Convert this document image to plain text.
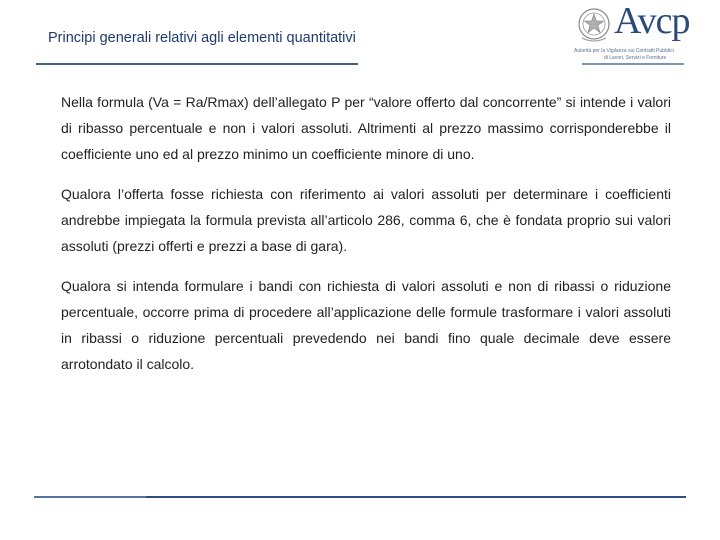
Principi generali relativi agli elementi quantitativi	Avcp
Autorità per la Vigilanza sui Contratti Pubblici
di Lavori, Servizi e Forniture

Nella formula (Va = Ra/Rmax) dell’allegato P per “valore offerto dal concorrente” si intende i valori di ribasso percentuale e non i valori assoluti. Altrimenti al prezzo massimo corrisponderebbe il coefficiente uno ed al prezzo minimo un coefficiente minore di uno.

Qualora l’offerta fosse richiesta con riferimento ai valori assoluti per determinare i coefficienti andrebbe impiegata la formula prevista all’articolo 286, comma 6, che è fondata proprio sui valori assoluti (prezzi offerti e prezzi a base di gara).

Qualora si intenda formulare i bandi con richiesta di valori assoluti e non di ribassi o riduzione percentuale, occorre prima di procedere all’applicazione delle formule trasformare i valori assoluti in ribassi o riduzione percentuali prevedendo nei bandi fino quale decimale deve essere arrotondato il calcolo.
